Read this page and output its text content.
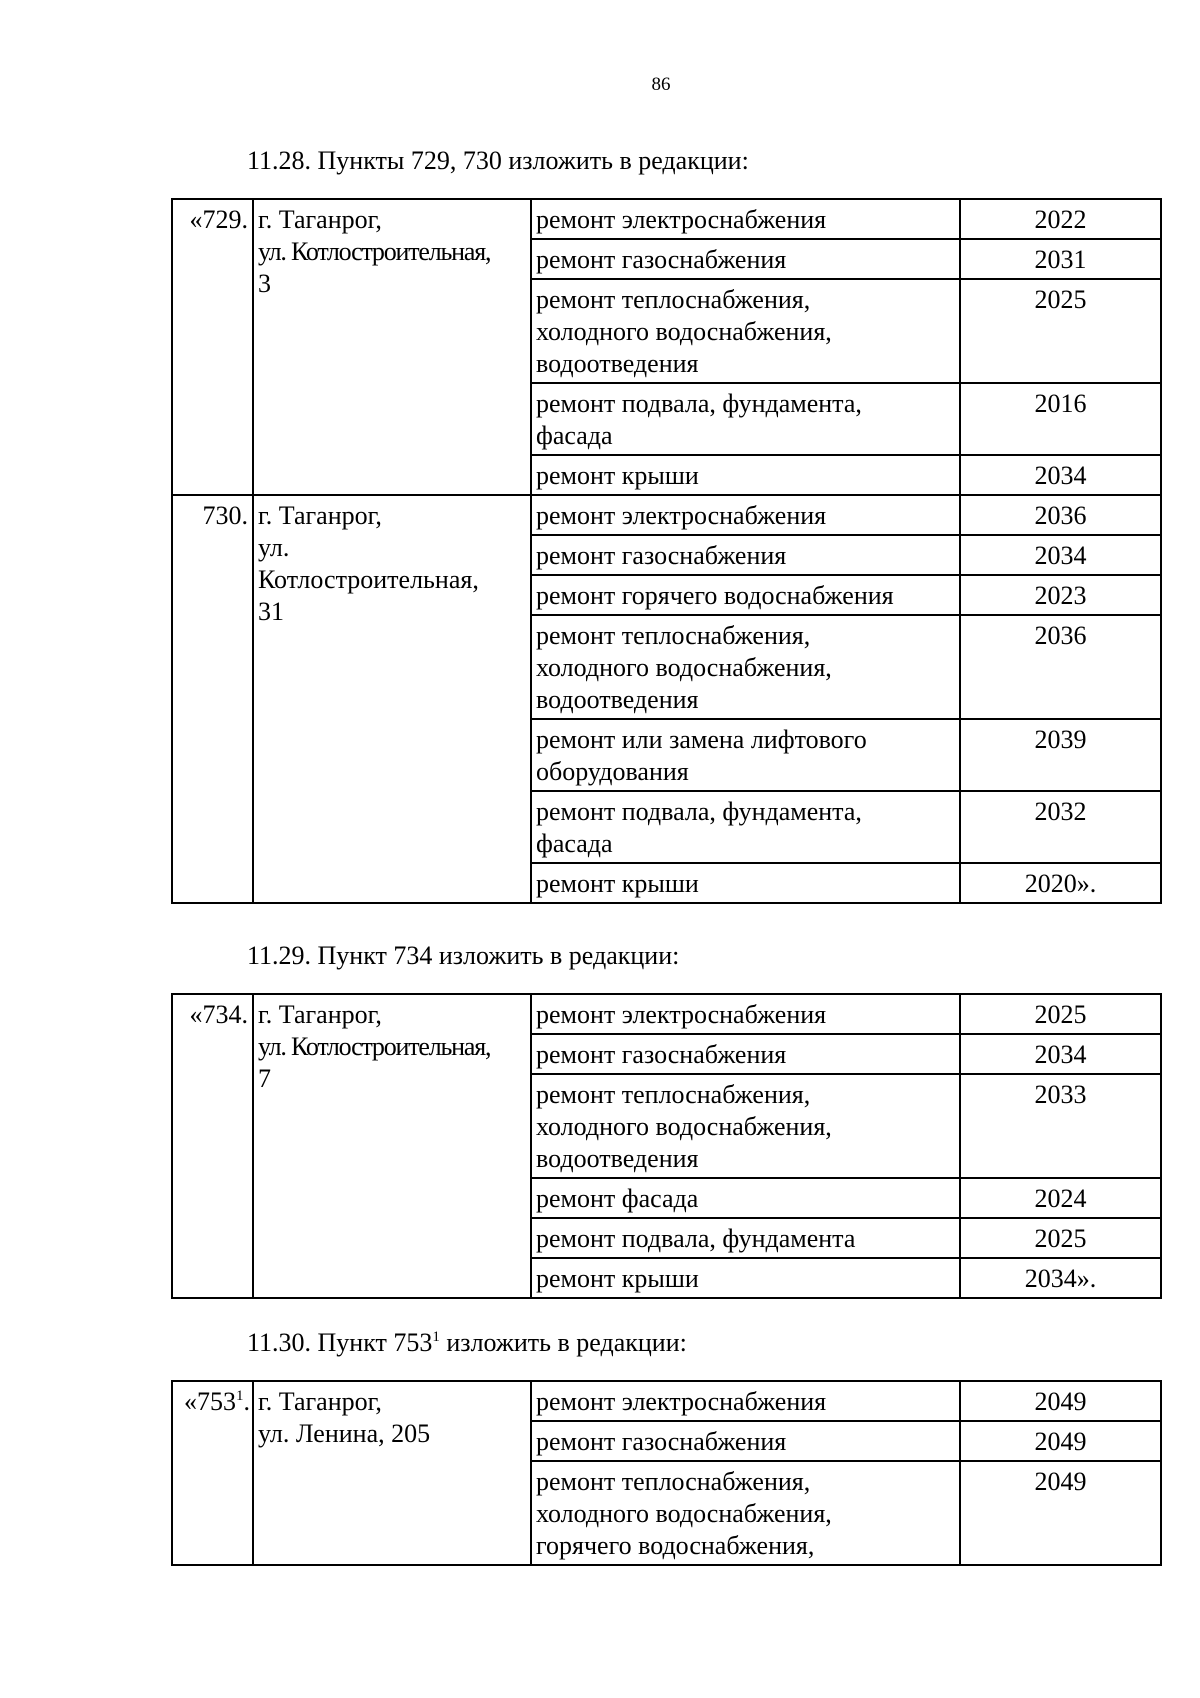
86
11.28. Пункты 729, 730 изложить в редакции:
«729.	г. Таганрог,
ул. Котлостроительная,
3	ремонт электроснабжения	2022
		ремонт газоснабжения	2031
		ремонт теплоснабжения,
холодного водоснабжения,
водоотведения	2025
		ремонт подвала, фундамента,
фасада	2016
		ремонт крыши	2034
730.	г. Таганрог,
ул.
Котлостроительная,
31	ремонт электроснабжения	2036
		ремонт газоснабжения	2034
		ремонт горячего водоснабжения	2023
		ремонт теплоснабжения,
холодного водоснабжения,
водоотведения	2036
		ремонт или замена лифтового
оборудования	2039
		ремонт подвала, фундамента,
фасада	2032
		ремонт крыши	2020».
11.29. Пункт 734 изложить в редакции:
«734.	г. Таганрог,
ул. Котлостроительная,
7	ремонт электроснабжения	2025
		ремонт газоснабжения	2034
		ремонт теплоснабжения,
холодного водоснабжения,
водоотведения	2033
		ремонт фасада	2024
		ремонт подвала, фундамента	2025
		ремонт крыши	2034».
11.30. Пункт $753^1$ изложить в редакции:
«$753^1$.	г. Таганрог,
ул. Ленина, 205	ремонт электроснабжения	2049
		ремонт газоснабжения	2049
		ремонт теплоснабжения,
холодного водоснабжения,
горячего водоснабжения,	2049
